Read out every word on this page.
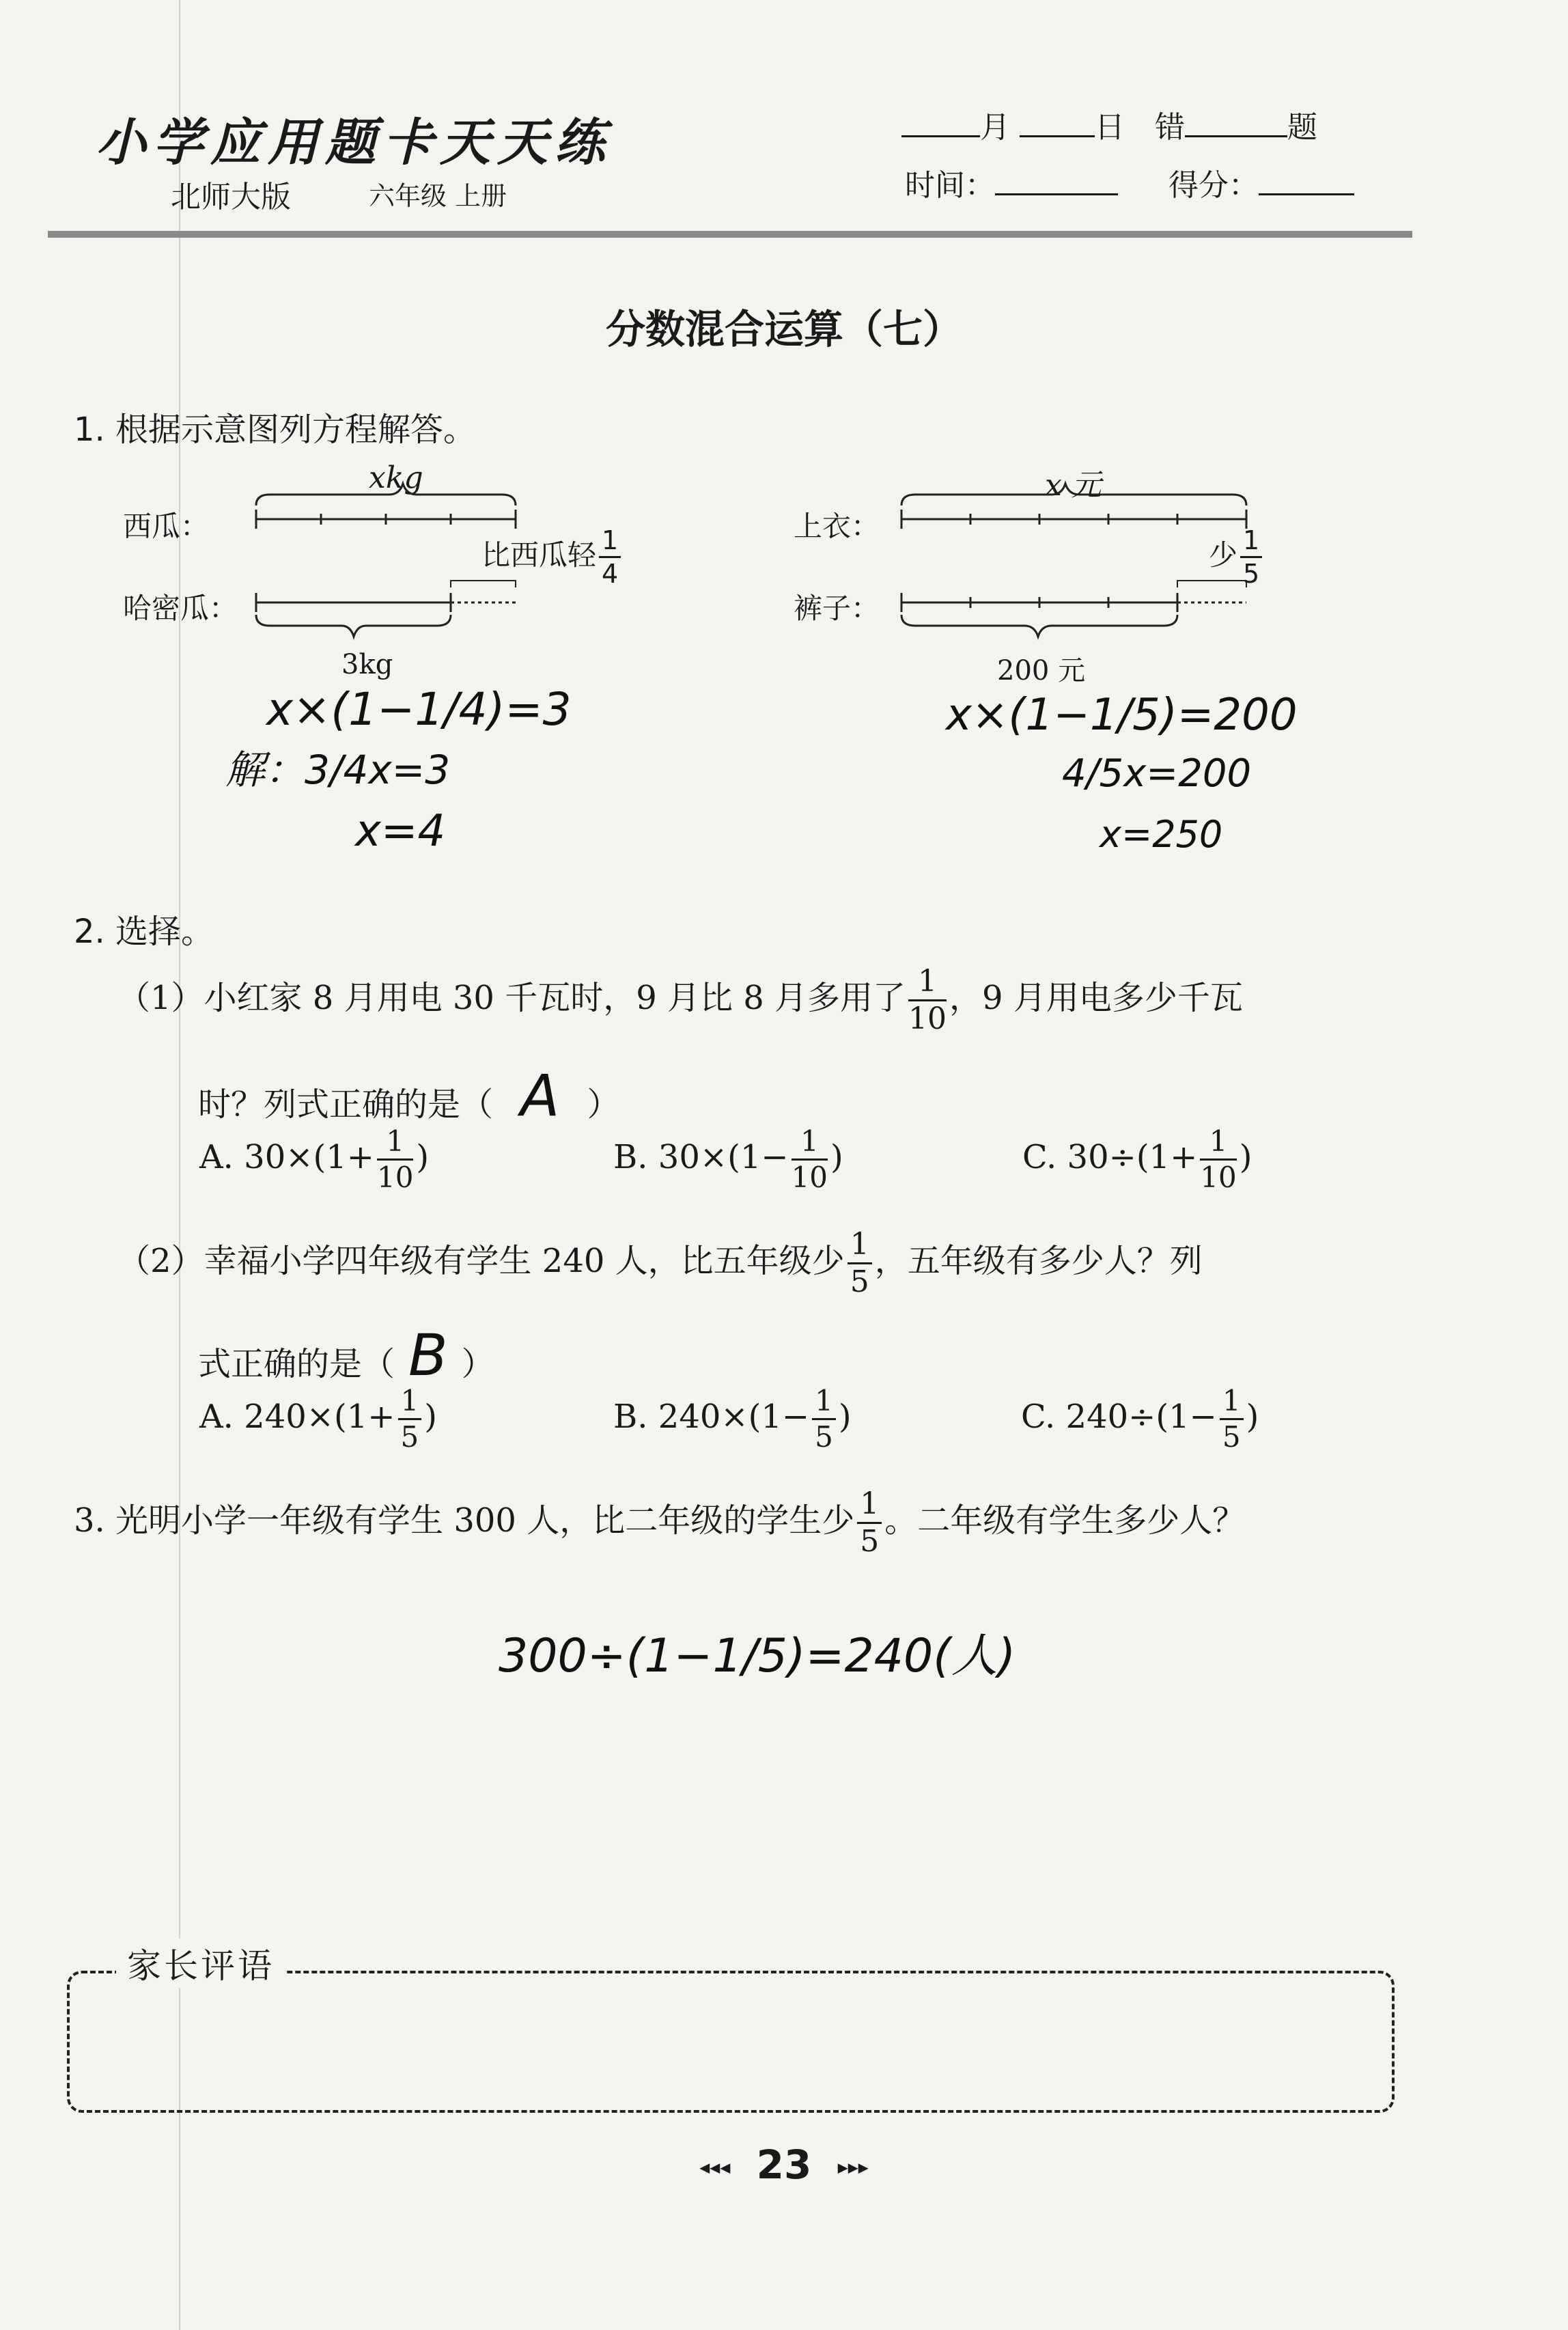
小学应用题卡天天练
北师大版	六年级 上册
月	日 错	题
时间：	得分：
分数混合运算（七）
1. 根据示意图列方程解答。
xkg
西瓜：
哈密瓜：
比西瓜轻 $\frac{1}{4}$
3kg
x×(1−1/4)=3
解：3/4x=3
x=4
x 元
上衣：
裤子：
少 $\frac{1}{5}$
200 元
x×(1−1/5)=200
4/5x=200
x=250
2. 选择。
（1）小红家 8 月用电 30 千瓦时，9 月比 8 月多用了 $\frac{1}{10}$ ，9 月用电多少千瓦
时？列式正确的是（ A ）
A. $30\times(1+ \frac{1}{10}$ )	B. $30\times(1- \frac{1}{10}$ )	C. $30\div(1+ \frac{1}{10}$ )
（2）幸福小学四年级有学生 240 人，比五年级少 $\frac{1}{5}$ ，五年级有多少人？列
式正确的是（ B ）
A. $240\times(1+ \frac{1}{5}$ )	B. $240\times(1- \frac{1}{5}$ )	C. $240\div(1- \frac{1}{5}$ )
3. 光明小学一年级有学生 300 人，比二年级的学生少 $\frac{1}{5}$ 。二年级有学生多少人？
300÷(1−1/5)=240(人)
家长评语
◂◂◂ 23 ▸▸▸
